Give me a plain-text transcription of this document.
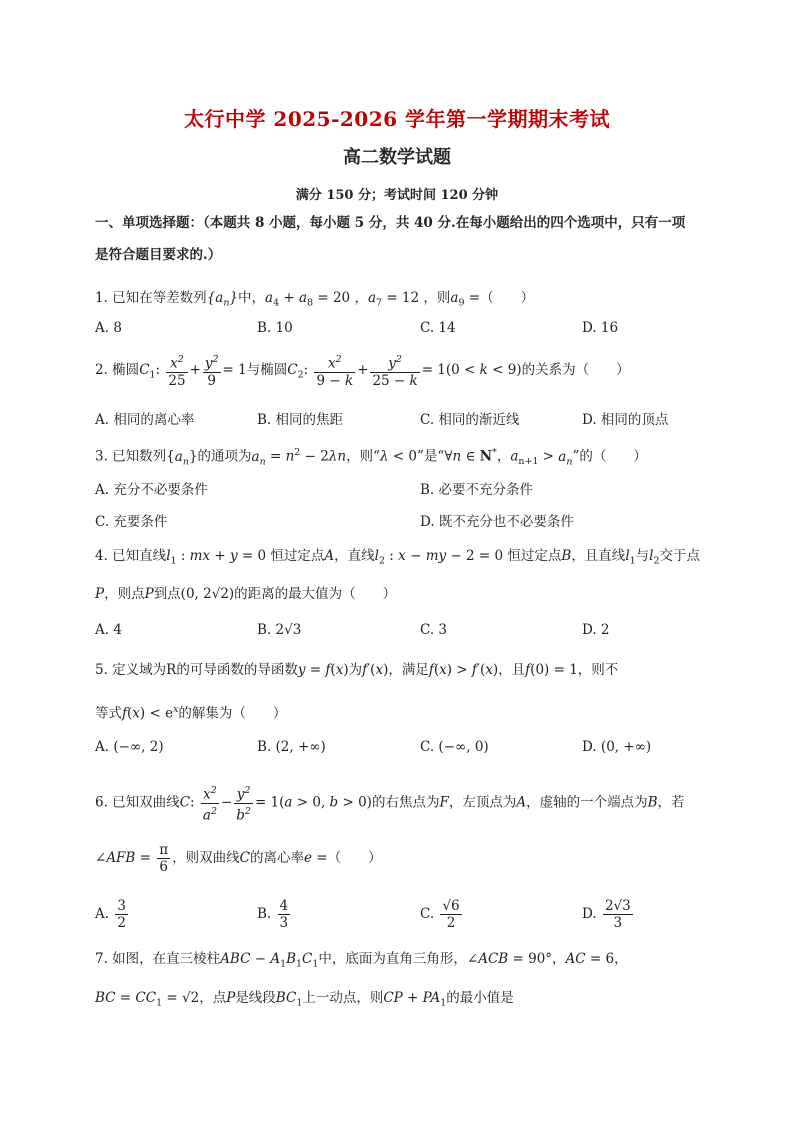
太行中学 2025-2026 学年第一学期期末考试
高二数学试题
满分 150 分；考试时间 120 分钟
一、单项选择题：（本题共 8 小题，每小题 5 分，共 40 分.在每小题给出的四个选项中，只有一项
是符合题目要求的.）
1. 已知在等差数列$\{a_n\}$中，$a_4 + a_8 = 20$ ，$a_7 = 12$ ，则$a_9$ =（　　）
A. 8	B. 10	C. 14	D. 16
2. 椭圆$C_1$: $\frac{x^2}{25} + \frac{y^2}{9} = 1$与椭圆$C_2$: $\frac{x^2}{9 - k} + \frac{y^2}{25 - k} = 1(0 < k < 9)$的关系为（　　）
A. 相同的离心率	B. 相同的焦距	C. 相同的渐近线	D. 相同的顶点
3. 已知数列$\{a_n\}$的通项为$a_n = n^2 - 2\lambda n$，则“λ < 0”是“∀n ∈ N*，$a_{n+1} > a_n$”的（　　）
A. 充分不必要条件	B. 必要不充分条件
C. 充要条件	D. 既不充分也不必要条件
4. 已知直线$l_1$ : mx + y = 0 恒过定点A，直线$l_2$ : x − my − 2 = 0 恒过定点B，且直线$l_1$与$l_2$交于点
P，则点P到点(0, 2√2)的距离的最大值为（　　）
A. 4	B. 2√3	C. 3	D. 2
5. 定义域为R的可导函数的导函数y = f(x)为f′(x)，满足f(x) > f′(x)，且f(0) = 1，则不
等式$f(x) < e^x$的解集为（　　）
A. (−∞, 2)	B. (2, +∞)	C. (−∞, 0)	D. (0, +∞)
6. 已知双曲线C: $\frac{x^2}{a^2} - \frac{y^2}{b^2} = 1(a > 0$, b > 0)的右焦点为F，左顶点为A，虚轴的一个端点为B，若
∠AFB = $\frac{\pi}{6}$ ，则双曲线C的离心率e =（　　）
A. $\frac{3}{2}$	B. $\frac{4}{3}$	C. $\frac{√6}{2}$	D. $\frac{2√3}{3}$
7. 如图，在直三棱柱ABC − $A_1B_1C_1$中，底面为直角三角形，∠ACB = 90°，AC = 6，
BC = $CC_1 = √2$，点P是线段$BC_1$上一动点，则CP + $PA_1$的最小值是
